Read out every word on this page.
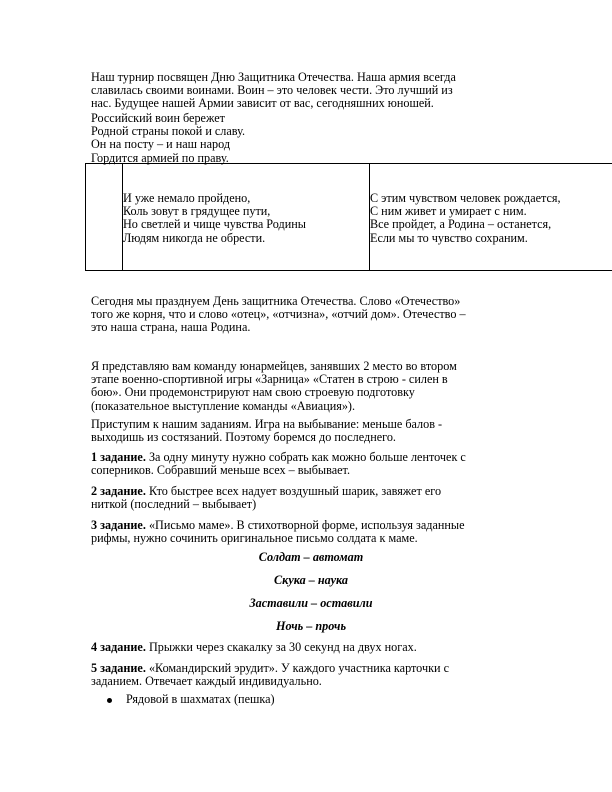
Наш турнир посвящен Дню Защитника Отечества. Наша армия всегда
славилась своими воинами. Воин – это человек чести. Это лучший из
нас. Будущее нашей Армии зависит от вас, сегодняшних юношей.
Российский воин бережет
Родной страны покой и славу.
Он на посту – и наш народ
Гордится армией по праву.
И уже немало пройдено,
Коль зовут в грядущее пути,
Но светлей и чище чувства Родины
Людям никогда не обрести.
С этим чувством человек рождается,
С ним живет и умирает с ним.
Все пройдет, а Родина – останется,
Если мы то чувство сохраним.
Сегодня мы празднуем День защитника Отечества. Слово «Отечество»
того же корня, что и слово «отец», «отчизна», «отчий дом». Отечество –
это наша страна, наша Родина.
Я представляю вам команду юнармейцев, занявших 2 место во втором
этапе военно-спортивной игры «Зарница» «Статен в строю - силен в
бою». Они продемонстрируют нам свою строевую подготовку
(показательное выступление команды «Авиация»).
Приступим к нашим заданиям. Игра на выбывание: меньше балов -
выходишь из состязаний. Поэтому боремся до последнего.
1 задание. За одну минуту нужно собрать как можно больше ленточек с
соперников. Собравший меньше всех – выбывает.
2 задание. Кто быстрее всех надует воздушный шарик, завяжет его
ниткой (последний – выбывает)
3 задание. «Письмо маме». В стихотворной форме, используя заданные
рифмы, нужно сочинить оригинальное письмо солдата к маме.
Солдат – автомат
Скука – наука
Заставили – оставили
Ночь – прочь
4 задание. Прыжки через скакалку за 30 секунд на двух ногах.
5 задание. «Командирский эрудит». У каждого участника карточки с
заданием. Отвечает каждый индивидуально.
Рядовой в шахматах (пешка)
